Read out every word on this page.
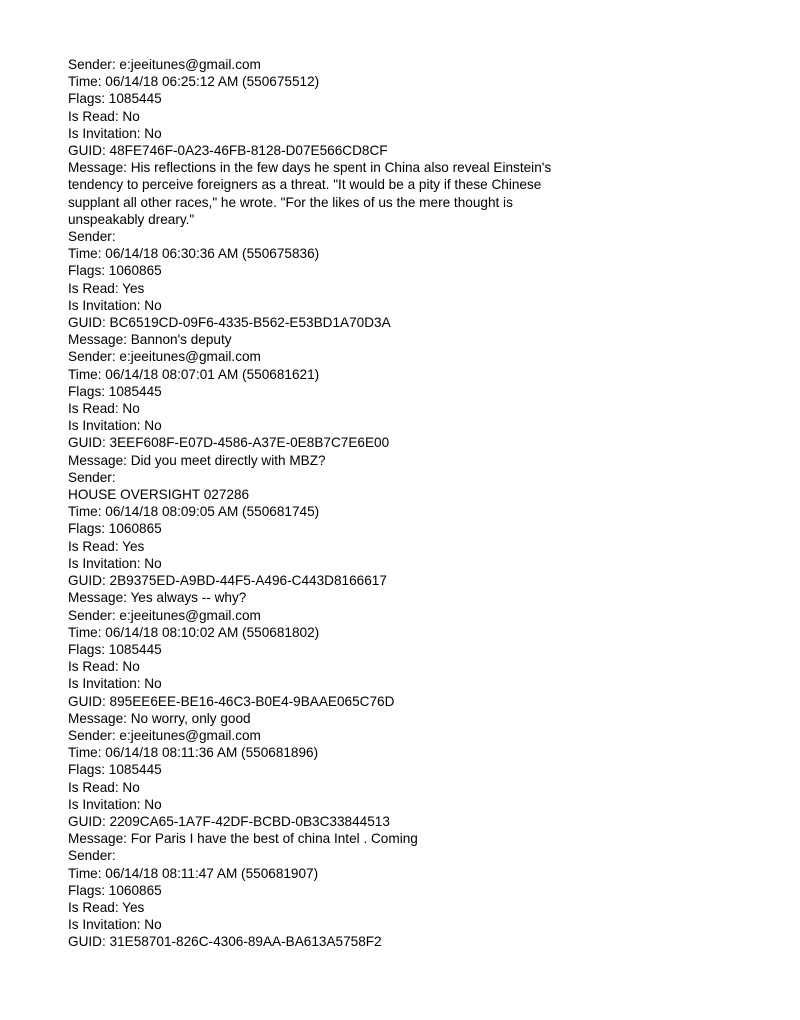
Sender: e:jeeitunes@gmail.com
Time: 06/14/18 06:25:12 AM (550675512)
Flags: 1085445
Is Read: No
Is Invitation: No
GUID: 48FE746F-0A23-46FB-8128-D07E566CD8CF
Message: His reflections in the few days he spent in China also reveal Einstein's
tendency to perceive foreigners as a threat. "It would be a pity if these Chinese
supplant all other races," he wrote. "For the likes of us the mere thought is
unspeakably dreary."
Sender:
Time: 06/14/18 06:30:36 AM (550675836)
Flags: 1060865
Is Read: Yes
Is Invitation: No
GUID: BC6519CD-09F6-4335-B562-E53BD1A70D3A
Message: Bannon's deputy
Sender: e:jeeitunes@gmail.com
Time: 06/14/18 08:07:01 AM (550681621)
Flags: 1085445
Is Read: No
Is Invitation: No
GUID: 3EEF608F-E07D-4586-A37E-0E8B7C7E6E00
Message: Did you meet directly with MBZ?
Sender:
HOUSE OVERSIGHT 027286
Time: 06/14/18 08:09:05 AM (550681745)
Flags: 1060865
Is Read: Yes
Is Invitation: No
GUID: 2B9375ED-A9BD-44F5-A496-C443D8166617
Message: Yes always -- why?
Sender: e:jeeitunes@gmail.com
Time: 06/14/18 08:10:02 AM (550681802)
Flags: 1085445
Is Read: No
Is Invitation: No
GUID: 895EE6EE-BE16-46C3-B0E4-9BAAE065C76D
Message: No worry, only good
Sender: e:jeeitunes@gmail.com
Time: 06/14/18 08:11:36 AM (550681896)
Flags: 1085445
Is Read: No
Is Invitation: No
GUID: 2209CA65-1A7F-42DF-BCBD-0B3C33844513
Message: For Paris I have the best of china Intel . Coming
Sender:
Time: 06/14/18 08:11:47 AM (550681907)
Flags: 1060865
Is Read: Yes
Is Invitation: No
GUID: 31E58701-826C-4306-89AA-BA613A5758F2
